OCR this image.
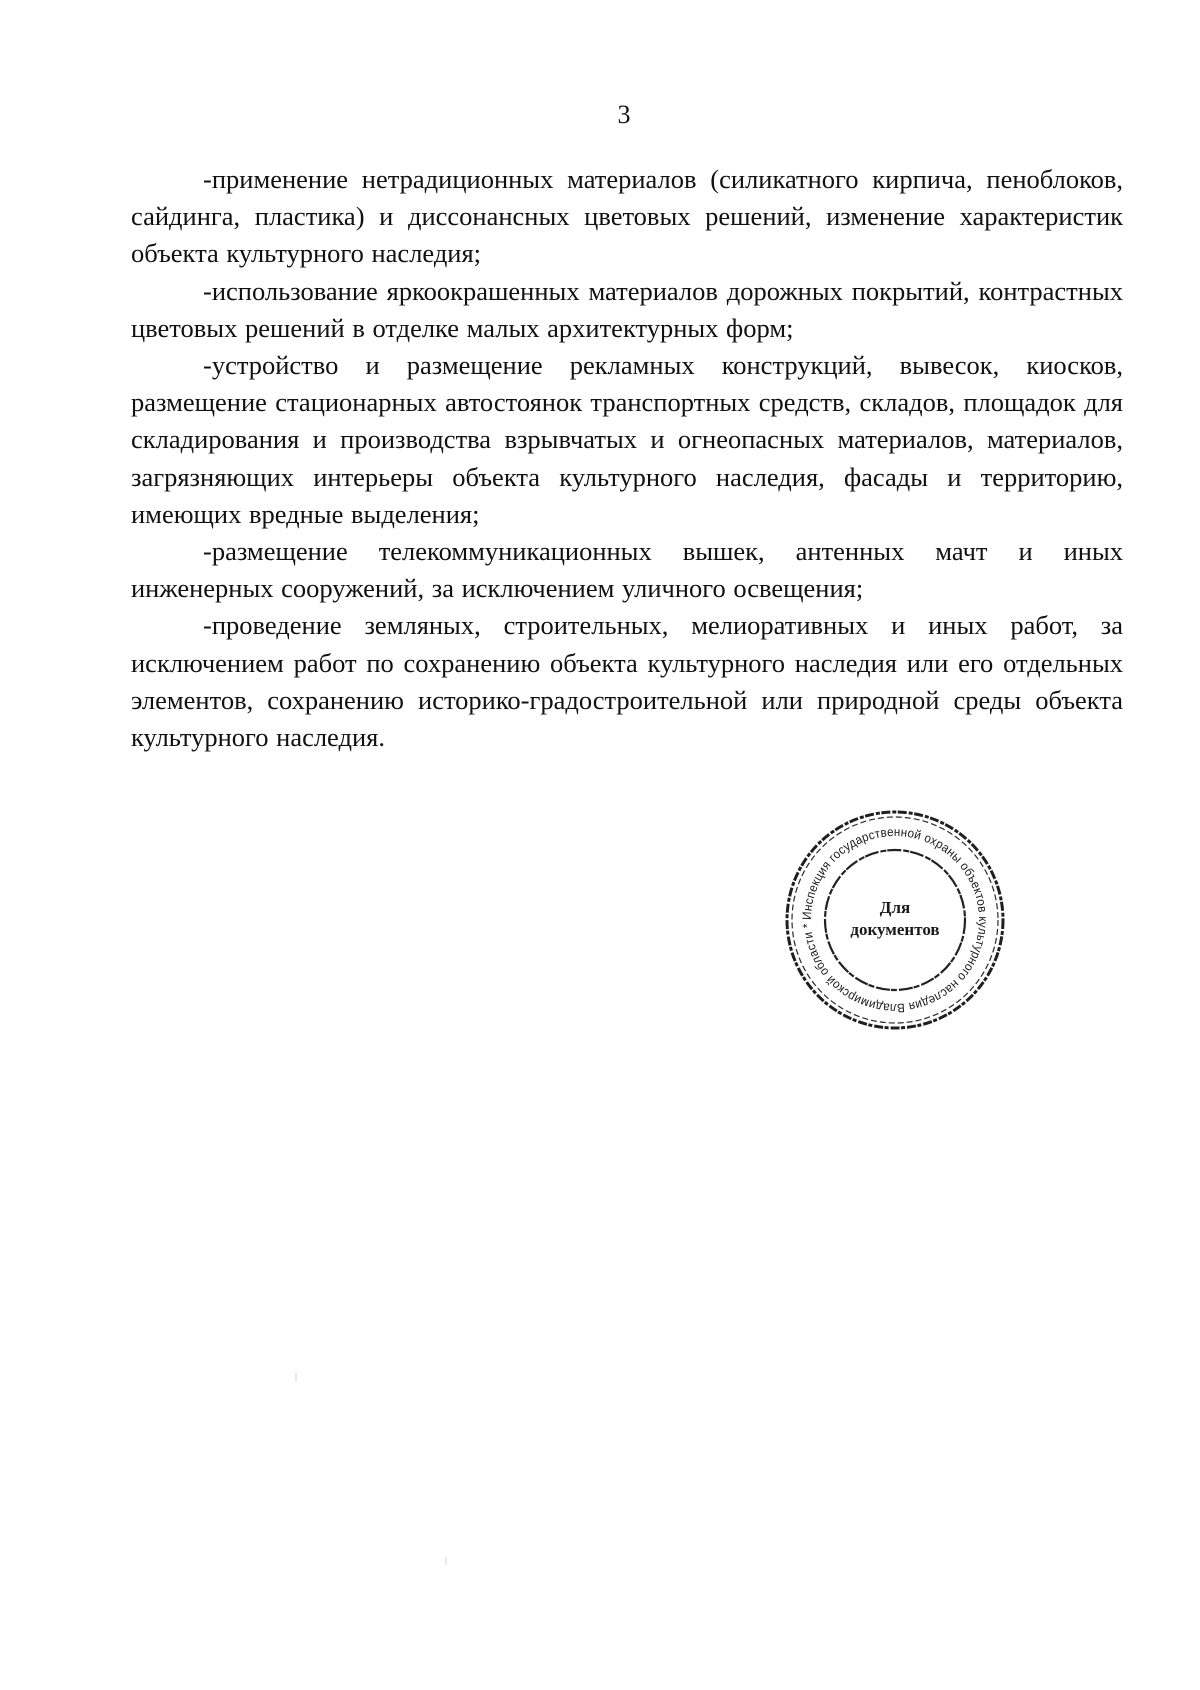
3

-применение нетрадиционных материалов (силикатного кирпича, пеноблоков, сайдинга, пластика) и диссонансных цветовых решений, изменение характеристик объекта культурного наследия;

-использование яркоокрашенных материалов дорожных покрытий, контрастных цветовых решений в отделке малых архитектурных форм;

-устройство и размещение рекламных конструкций, вывесок, киосков, размещение стационарных автостоянок транспортных средств, складов, площадок для складирования и производства взрывчатых и огнеопасных материалов, материалов, загрязняющих интерьеры объекта культурного наследия, фасады и территорию, имеющих вредные выделения;

-размещение телекоммуникационных вышек, антенных мачт и иных инженерных сооружений, за исключением уличного освещения;

-проведение земляных, строительных, мелиоративных и иных работ, за исключением работ по сохранению объекта культурного наследия или его отдельных элементов, сохранению историко-градостроительной или природной среды объекта культурного наследия.

Инспекция государственной охраны объектов культурного наследия Владимирской области *
Для
документов
